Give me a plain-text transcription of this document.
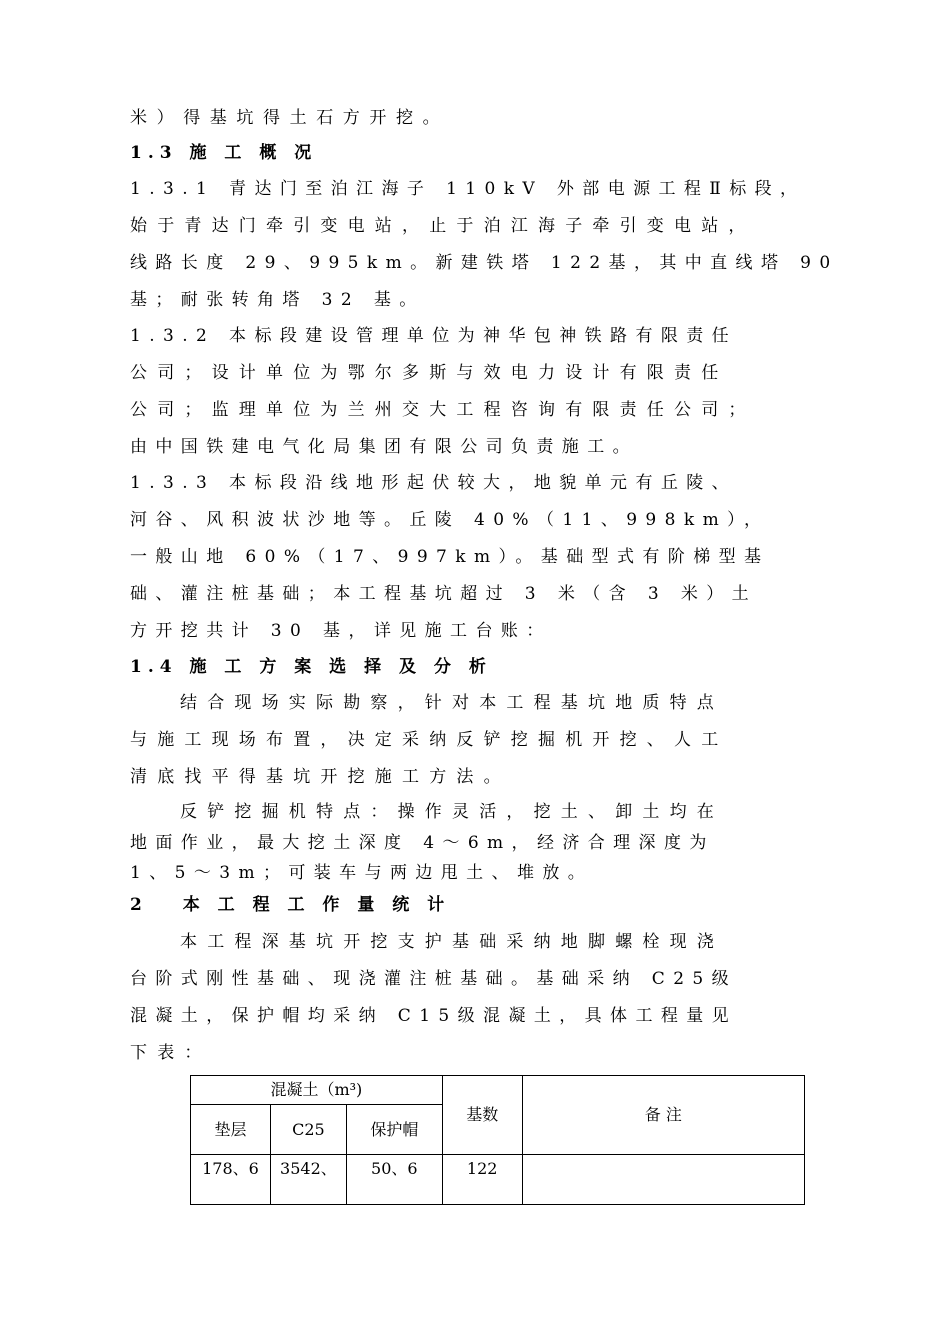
米）得基坑得土石方开挖。
1.3 施 工 概 况
1.3.1 青达门至泊江海子 110kV 外部电源工程Ⅱ标段，
始于青达门牵引变电站，止于泊江海子牵引变电站，
线路长度 29、995km。新建铁塔 122基，其中直线塔 90
基；耐张转角塔 32 基。
1.3.2 本标段建设管理单位为神华包神铁路有限责任
公司；设计单位为鄂尔多斯与效电力设计有限责任
公司；监理单位为兰州交大工程咨询有限责任公司；
由中国铁建电气化局集团有限公司负责施工。
1.3.3 本标段沿线地形起伏较大，地貌单元有丘陵、
河谷、风积波状沙地等。丘陵 40%（11、998km），
一般山地 60%（17、997km）。基础型式有阶梯型基
础、灌注桩基础；本工程基坑超过 3 米（含 3 米）土
方开挖共计 30 基，详见施工台账：
1.4 施 工 方 案 选 择 及 分 析
结合现场实际勘察，针对本工程基坑地质特点
与施工现场布置，决定采纳反铲挖掘机开挖、人工
清底找平得基坑开挖施工方法。
反铲挖掘机特点：操作灵活，挖土、卸土均在
地面作业，最大挖土深度 4～6m，经济合理深度为
1、5～3m；可装车与两边甩土、堆放。
2　 本 工 程 工 作 量 统 计
本工程深基坑开挖支护基础采纳地脚螺栓现浇
台阶式刚性基础、现浇灌注桩基础。基础采纳 C25级
混凝土，保护帽均采纳 C15级混凝土，具体工程量见
下表：
混凝土（m³)			基数	备 注
垫层	C25	保护帽		
178、6	3542、	50、6	122	
